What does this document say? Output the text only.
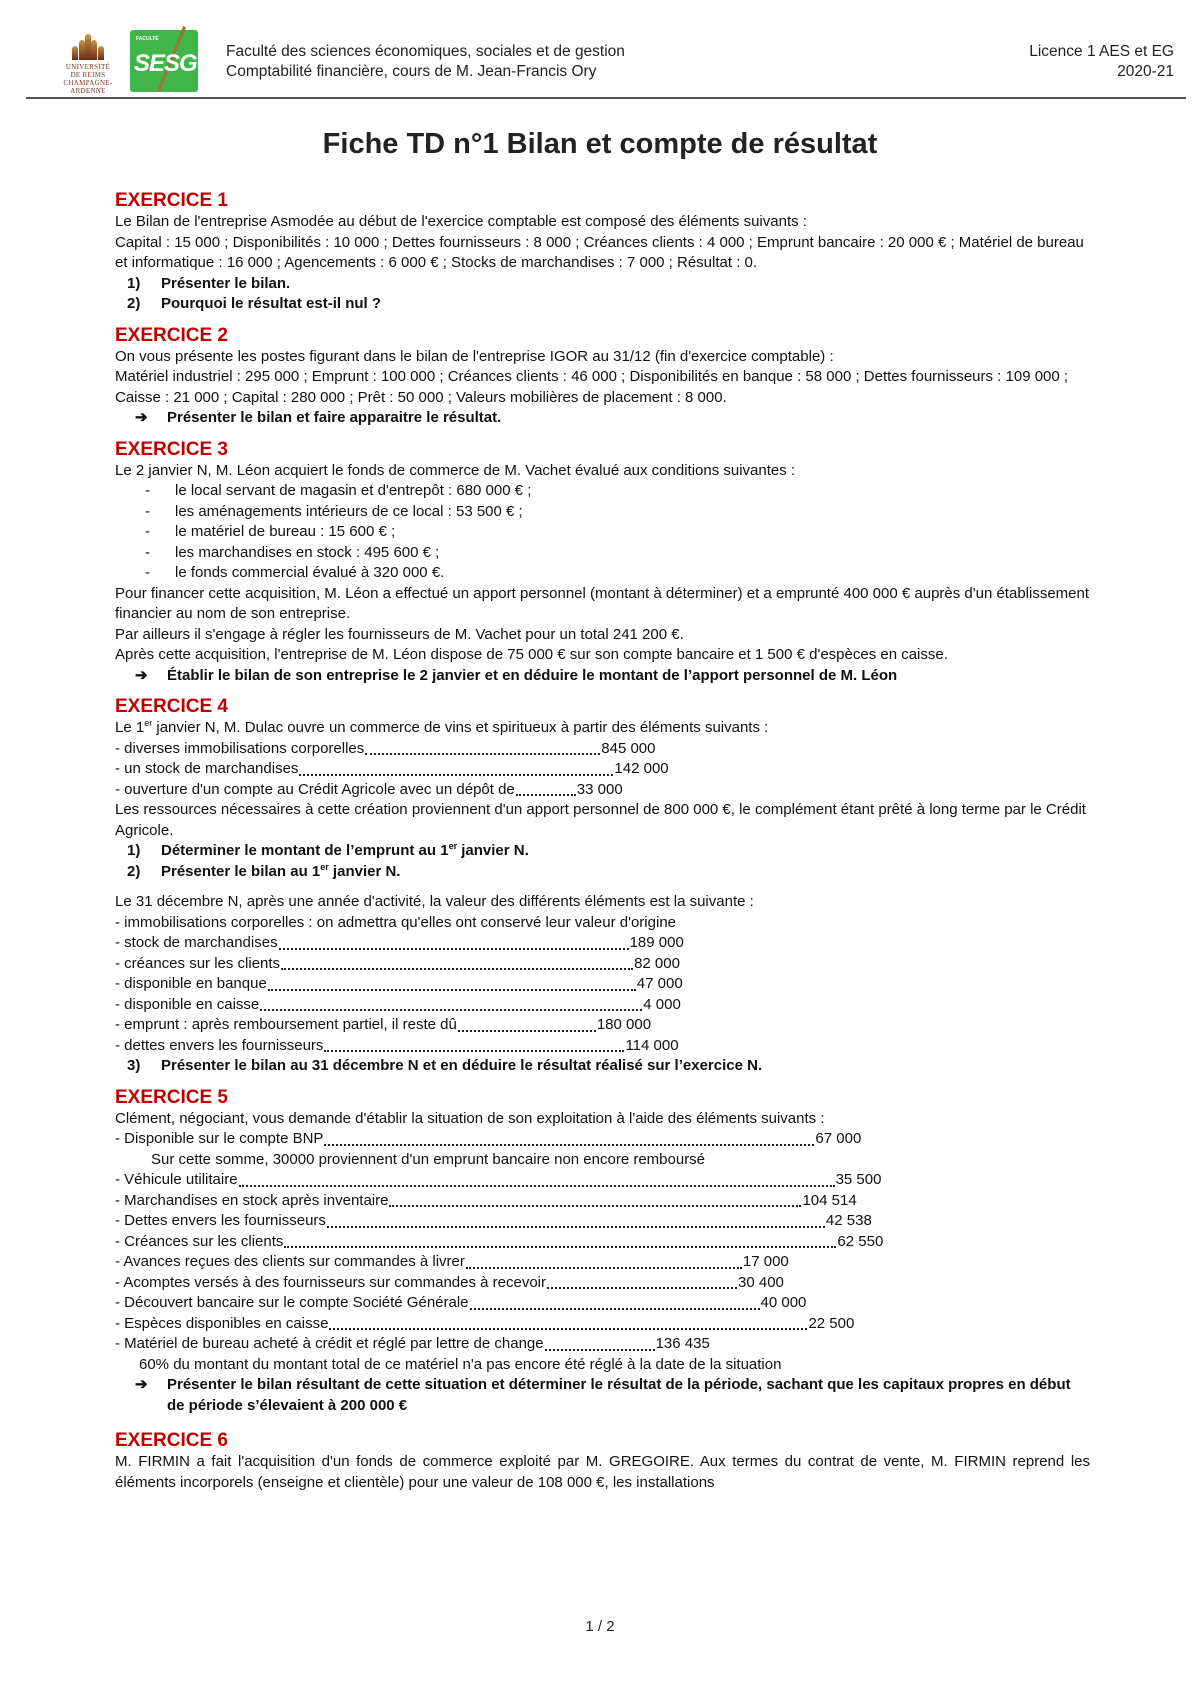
UNIVERSITÉ
DE REIMS
CHAMPAGNE-ARDENNE
FACULTÉ
SESG Faculté des sciences économiques, sociales et de gestion
Comptabilité financière, cours de M. Jean-Francis Ory
Licence 1 AES et EG
2020-21
Fiche TD n°1 Bilan et compte de résultat
EXERCICE 1

Le Bilan de l'entreprise Asmodée au début de l'exercice comptable est composé des éléments suivants :

Capital : 15 000 ; Disponibilités : 10 000 ; Dettes fournisseurs : 8 000 ; Créances clients : 4 000 ; Emprunt bancaire : 20 000 € ; Matériel de bureau et informatique : 16 000 ; Agencements : 6 000 € ; Stocks de marchandises : 7 000 ; Résultat : 0.

1)	Présenter le bilan.
2)	Pourquoi le résultat est-il nul ?
EXERCICE 2

On vous présente les postes figurant dans le bilan de l'entreprise IGOR au 31/12 (fin d'exercice comptable) :

Matériel industriel : 295 000 ; Emprunt : 100 000 ; Créances clients : 46 000 ; Disponibilités en banque : 58 000 ; Dettes fournisseurs : 109 000 ; Caisse : 21 000 ; Capital : 280 000 ; Prêt : 50 000 ; Valeurs mobilières de placement : 8 000.

➔	Présenter le bilan et faire apparaitre le résultat.
EXERCICE 3

Le 2 janvier N, M. Léon acquiert le fonds de commerce de M. Vachet évalué aux conditions suivantes :

-	le local servant de magasin et d'entrepôt : 680 000 € ;
-	les aménagements intérieurs de ce local : 53 500 € ;
-	le matériel de bureau : 15 600 € ;
-	les marchandises en stock : 495 600 € ;
-	le fonds commercial évalué à 320 000 €.

Pour financer cette acquisition, M. Léon a effectué un apport personnel (montant à déterminer) et a emprunté 400 000 € auprès d'un établissement financier au nom de son entreprise.

Par ailleurs il s'engage à régler les fournisseurs de M. Vachet pour un total 241 200 €.

Après cette acquisition, l'entreprise de M. Léon dispose de 75 000 € sur son compte bancaire et 1 500 € d'espèces en caisse.

➔	Établir le bilan de son entreprise le 2 janvier et en déduire le montant de l’apport personnel de M. Léon
EXERCICE 4

Le 1er janvier N, M. Dulac ouvre un commerce de vins et spiritueux à partir des éléments suivants :

- diverses immobilisations corporelles	845 000
- un stock de marchandises	142 000
- ouverture d'un compte au Crédit Agricole avec un dépôt de	33 000

Les ressources nécessaires à cette création proviennent d'un apport personnel de 800 000 €, le complément étant prêté à long terme par le Crédit Agricole.

1)	Déterminer le montant de l’emprunt au 1er janvier N.
2)	Présenter le bilan au 1er janvier N.

Le 31 décembre N, après une année d'activité, la valeur des différents éléments est la suivante :

- immobilisations corporelles : on admettra qu'elles ont conservé leur valeur d'origine

- stock de marchandises	189 000
- créances sur les clients	82 000
- disponible en banque	47 000
- disponible en caisse	4 000
- emprunt : après remboursement partiel, il reste dû	180 000
- dettes envers les fournisseurs	114 000
3)	Présenter le bilan au 31 décembre N et en déduire le résultat réalisé sur l’exercice N.
EXERCICE 5

Clément, négociant, vous demande d'établir la situation de son exploitation à l'aide des éléments suivants :

- Disponible sur le compte BNP	67 000

Sur cette somme, 30000 proviennent d'un emprunt bancaire non encore remboursé

- Véhicule utilitaire	35 500
- Marchandises en stock après inventaire	104 514
- Dettes envers les fournisseurs	42 538
- Créances sur les clients	62 550
- Avances reçues des clients sur commandes à livrer	17 000
- Acomptes versés à des fournisseurs sur commandes à recevoir	30 400
- Découvert bancaire sur le compte Société Générale	40 000
- Espèces disponibles en caisse	22 500
- Matériel de bureau acheté à crédit et réglé par lettre de change	136 435

60% du montant du montant total de ce matériel n'a pas encore été réglé à la date de la situation

➔	Présenter le bilan résultant de cette situation et déterminer le résultat de la période, sachant que les capitaux propres en début de période s’élevaient à 200 000 €
EXERCICE 6

M. FIRMIN a fait l'acquisition d'un fonds de commerce exploité par M. GREGOIRE. Aux termes du contrat de vente, M. FIRMIN reprend les éléments incorporels (enseigne et clientèle) pour une valeur de 108 000 €, les installations

1 / 2
